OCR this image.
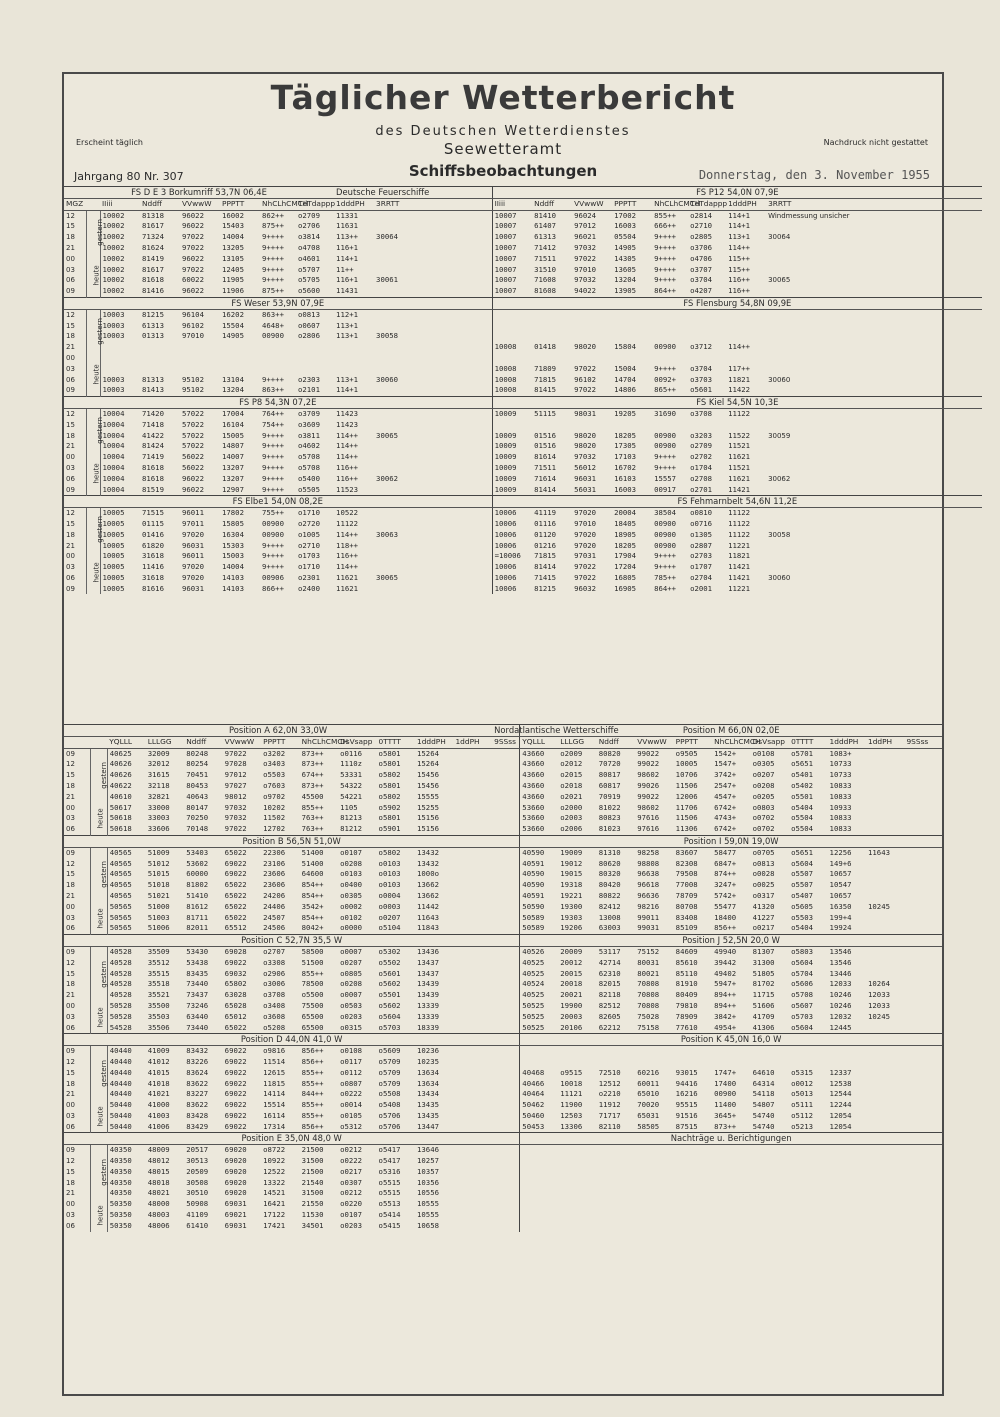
Täglicher Wetterbericht
des Deutschen Wetterdienstes
Erscheint täglich	Nachdruck nicht gestattet
Seewetteramt
Schiffsbeobachtungen
Jahrgang 80 Nr. 307	Donnerstag, den 3. November 1955
FS D E 3 Borkumriff 53,7N 06,4E								Deutsche Feuerschiffe		FS P12 54,0N 07,9E							
MGZ		IIiii	Nddff	VVwwW	PPPTT	NhCLhCMCH	TdTdappp	1dddPH	3RRTT	IIiii	Nddff	VVwwW	PPPTT	NhCLhCMCH	TdTdappp	1dddPH	3RRTT
12	gestern	10002	81318	96022	16002	862++	o2709	11331		10007	81410	96024	17002	855++	o2814	114+1	Windmessung unsicher
15		10002	81617	96022	15403	875++	o2706	11631		10007	61407	97012	16003	666++	o2710	114+1	
18		10002	71324	97022	14004	9++++	o3814	113++	30064	10007	61313	96021	05504	9++++	o2805	113+1	30064
21		10002	81624	97022	13205	9++++	o4708	116+1		10007	71412	97032	14905	9++++	o3706	114++	
00	heute	10002	81419	96022	13105	9++++	o4601	114+1		10007	71511	97022	14305	9++++	o4706	115++	
03		10002	81617	97022	12405	9++++	o5707	11++		10007	31510	97010	13605	9++++	o3707	115++	
06		10002	81618	60022	11905	9++++	o5705	116+1	30061	10007	71608	97032	13204	9++++	o3704	116++	30065
09		10002	81416	96022	11906	875++	o5600	11431		10007	81608	94022	13905	864++	o4207	116++	
FS Weser 53,9N 07,9E										FS Flensburg 54,8N 09,9E							
12	gestern	10003	81215	96104	16202	863++	o0813	112+1									
15		10003	61313	96102	15504	4648+	o0607	113+1									
18		10003	01313	97010	14905	00900	o2806	113+1	30058								
21										10008	01418	98020	15804	00900	o3712	114++	
00	heute																
03										10008	71809	97022	15004	9++++	o3704	117++	
06		10003	81313	95102	13104	9++++	o2303	113+1	30060	10008	71815	96102	14704	0092+	o3703	11821	30060
09		10003	81413	95102	13204	863++	o2101	114+1		10008	81415	97022	14806	865++	o5601	11422	
FS P8 54,3N 07,2E										FS Kiel 54,5N 10,3E							
12	gestern	10004	71420	57022	17004	764++	o3709	11423		10009	51115	98031	19205	31690	o3708	11122	
15		10004	71418	57022	16104	754++	o3609	11423									
18		10004	41422	57022	15005	9++++	o3811	114++	30065	10009	01516	98020	18205	00900	o3203	11522	30059
21		10004	81424	57022	14807	9++++	o4602	114++		10009	01516	98020	17305	00900	o2709	11521	
00	heute	10004	71419	56022	14007	9++++	o5708	114++		10009	81614	97032	17103	9++++	o2702	11621	
03		10004	81618	56022	13207	9++++	o5708	116++		10009	71511	56012	16702	9++++	o1704	11521	
06		10004	81618	96022	13207	9++++	o5400	116++	30062	10009	71614	96031	16103	15557	o2708	11621	30062
09		10004	81519	96022	12907	9++++	o5505	11523		10009	81414	56031	16003	00917	o2701	11421	
FS Elbe1 54,0N 08,2E										FS Fehmarnbelt 54,6N 11,2E							
12	gestern	10005	71515	96011	17802	755++	o1710	10522		10006	41119	97020	20004	38504	o0810	11122	
15		10005	01115	97011	15805	00900	o2720	11122		10006	01116	97010	18405	00900	o0716	11122	
18		10005	01416	97020	16304	00900	o1005	114++	30063	10006	01120	97020	18905	00900	o1305	11122	30058
21		10005	61820	96031	15303	9++++	o2710	118++		10006	01216	97020	18205	00900	o2807	11221	
00	heute	10005	31618	96011	15003	9++++	o1703	116++		=10006	71815	97031	17904	9++++	o2703	11821	
03		10005	11416	97020	14004	9++++	o1710	114++		10006	81414	97022	17204	9++++	o1707	11421	
06		10005	31618	97020	14103	00906	o2301	11621	30065	10006	71415	97022	16805	785++	o2704	11421	30060
09		10005	81616	96031	14103	866++	o2400	11621		10006	81215	96032	16905	864++	o2001	11221	
Position A 62,0N 33,0W												Nordatlantische Wetterschiffe	Position M 66,0N 02,0E										
		YQLLL	LLLGG	Nddff	VVwwW	PPPTT	NhCLhCMCH	DsVsapp	0TTTT	1dddPH	1ddPH	9SSss	YQLLL	LLLGG	Nddff	VVwwW	PPPTT	NhCLhCMCH	DsVsapp	0TTTT	1dddPH	1ddPH	9SSss
09	gestern	40625	32009	80248	97022	o3202	873++	o0116	o5801	15264			43660	o2009	80820	99022	o9505	1542+	o0108	o5701	1083+		
12		40626	32012	80254	97028	o3403	873++	1110z	o5801	15264			43660	o2012	70720	99022	10005	1547+	o0305	o5651	10733		
15		40626	31615	70451	97012	o5503	674++	53331	o5802	15456			43660	o2015	80817	98602	10706	3742+	o0207	o5401	10733		
18		40622	32118	80453	97027	o7603	873++	54322	o5801	15456			43660	o2018	60817	99026	11506	2547+	o0208	o5402	10833		
21		40610	32821	40643	98012	o9702	45500	54221	o5802	15555			43660	o2021	70919	99022	12006	4547+	o0205	o5501	10833		
00	heute	50617	33000	80147	97032	10202	855++	1105	o5902	15255			53660	o2000	81022	98602	11706	6742+	o0803	o5404	10933		
03		50618	33003	70250	97032	11502	763++	81213	o5801	15156			53660	o2003	80823	97616	11506	4743+	o0702	o5504	10833		
06		50618	33606	70148	97022	12702	763++	81212	o5901	15156			53660	o2006	81023	97616	11306	6742+	o0702	o5504	10833		
Position B 56,5N 51,0W													Position I 59,0N 19,0W										
09	gestern	40565	51009	53403	65022	22306	51400	o0107	o5802	13432			40590	19009	81310	98258	83607	58477	o0705	o5651	12256	11643	
12		40565	51012	53602	69022	23106	51400	o0208	o0103	13432			40591	19012	80620	98808	82308	6847+	o0813	o5604	149+6		
15		40565	51015	60000	69022	23606	64600	o0103	o0103	1000o			40590	19015	80320	96638	79508	874++	o0028	o5507	10657		
18		40565	51018	81802	65022	23606	854++	o0400	o0103	13662			40590	19318	80420	96618	77008	3247+	o0025	o5507	10547		
21		40565	51021	51410	65022	24206	854++	o0305	o0004	13662			40591	19221	80822	96636	78709	5742+	o0317	o5407	10657		
00	heute	50565	51000	81612	65022	24406	3542+	o0002	o0003	11442			50590	19300	82412	98216	80708	55477	41320	o5605	16350	10245	
03		50565	51003	81711	65022	24507	854++	o0102	o0207	11643			50589	19303	13008	99011	83408	18400	41227	o5503	199+4		
06		50565	51006	82011	65512	24506	8042+	o0000	o5104	11843			50589	19206	63003	99031	85109	856++	o0217	o5404	19924		
Position C 52,7N 35,5 W													Position J 52,5N 20,0 W										
09	gestern	40528	35509	53430	69028	o2707	58500	o0007	o5302	13436			40526	20009	53117	75152	84609	49940	81307	o5803	13546		
12		40528	35512	53438	69022	o3308	51500	o0207	o5502	13437			40525	20012	42714	80031	85610	39442	31300	o5604	13546		
15		40528	35515	83435	69032	o2906	855++	o0805	o5601	13437			40525	20015	62310	80021	85110	49402	51805	o5704	13446		
18		40528	35518	73440	65802	o3006	78500	o0208	o5602	13439			40524	20018	82015	70808	81910	5947+	81702	o5606	12033	10264	
21		40528	35521	73437	63028	o3708	o5500	o0007	o5501	13439			40525	20021	82118	70808	80409	894++	11715	o5708	10246	12033	
00	heute	50528	35500	73246	65028	o3408	75500	o0503	o5602	13339			50525	19900	82512	70808	79810	894++	51606	o5607	10246	12033	
03		50528	35503	63440	65012	o3608	65500	o0203	o5604	13339			50525	20003	82605	75028	78909	3842+	41709	o5703	12032	10245	
06		54528	35506	73440	65022	o5208	65500	o0315	o5703	18339			50525	20106	62212	75158	77610	4954+	41306	o5604	12445		
Position D 44,0N 41,0 W													Position K 45,0N 16,0 W										
09	gestern	40440	41009	83432	69022	o9816	856++	o0108	o5609	10236													
12		40440	41012	83226	69022	11514	856++	o0117	o5709	10235													
15		40440	41015	83624	69022	12615	855++	o0112	o5709	13634			40468	o9515	72510	60216	93015	1747+	64610	o5315	12337		
18		40440	41018	83622	69022	11815	855++	o0807	o5709	13634			40466	10018	12512	60011	94416	17400	64314	o0012	12538		
21		40440	41021	83227	69022	14114	844++	o0222	o5508	13434			40464	11121	o2210	65010	16216	00900	54118	o5013	12544		
00	heute	50440	41000	83622	69022	15514	855++	o0014	o5408	13435			50462	11900	11912	70020	95515	11400	54807	o5111	12244		
03		50440	41003	83428	69022	16114	855++	o0105	o5706	13435			50460	12503	71717	65031	91516	3645+	54740	o5112	12054		
06		50440	41006	83429	69022	17314	856++	o5312	o5706	13447			50453	13306	82110	58505	87515	873++	54740	o5213	12054		
Position E 35,0N 48,0 W													Nachträge u. Berichtigungen										
09	gestern	40350	48009	20517	69020	o8722	21500	o0212	o5417	13646													
12		40350	48012	30513	69020	10922	31500	o0222	o5417	10257													
15		40350	48015	20509	69020	12522	21500	o0217	o5316	10357													
18		40350	48018	30508	69020	13322	21540	o0307	o5515	10356													
21		40350	48021	30510	69020	14521	31500	o0212	o5515	10556													
00	heute	50350	48000	50908	69031	16421	21550	o0220	o5513	10555													
03		50350	48003	41109	69021	17122	11530	o0107	o5414	10555													
06		50350	48006	61410	69031	17421	34501	o0203	o5415	10658													
